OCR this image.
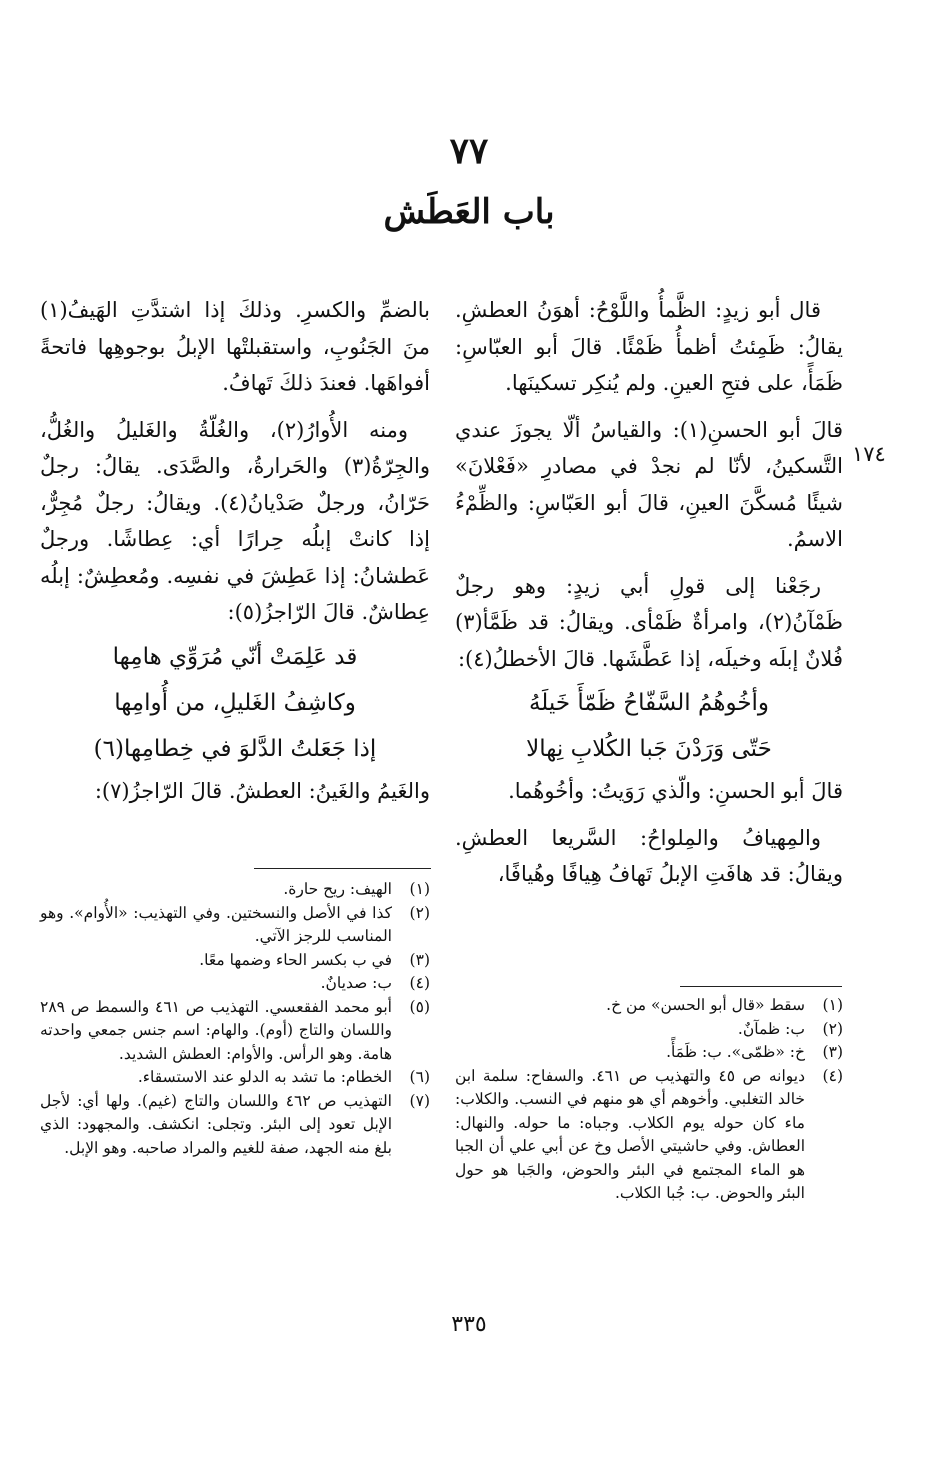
٧٧
باب العَطَش
١٧٤

قال أبو زيدٍ: الظَّمأُ واللَّوْحُ: أهوَنُ العطشِ. يقالُ: ظَمِئتُ أظمأُ ظَمْئًا. قالَ أبو العبّاسِ: ظَمَأً، على فتحِ العينِ. ولم يُنكِر تسكينَها.

قالَ أبو الحسنِ(١): والقياسُ ألّا يجوزَ عندي التَّسكينُ، لأنّا لم نجدْ في مصادرِ «فَعْلانَ» شيئًا مُسكَّنَ العينِ، قالَ أبو العَبّاسِ: والظِّمْءُ الاسمُ.

رجَعْنا إلى قولِ أبي زيدٍ: وهو رجلٌ ظَمْآنُ(٢)، وامرأةٌ ظَمْأى. ويقالُ: قد ظَمَّأ(٣) فُلانٌ إبلَه وخيلَه، إذا عَطَّشَها. قالَ الأخطلُ(٤):

وأخُوهُمُ السَّفّاحُ ظَمّأَ خَيلَهُ
حَتّى وَرَدْنَ جَبا الكُلابِ نِهالا

قالَ أبو الحسنِ: والّذي رَوَيتُ: وأخُوهُما.

والمِهيافُ والمِلواحُ: السَّريعا العطشِ. ويقالُ: قد هافَتِ الإبلُ تَهافُ هِيافًا وهُيافًا،

بالضمِّ والكسرِ. وذلكَ إذا اشتدَّتِ الهَيفُ(١) منَ الجَنُوبِ، واستقبلتْها الإبلُ بوجوهِها فاتحةً أفواهَها. فعندَ ذلكَ تَهافُ.

ومنه الأُوارُ(٢)، والغُلّةُ والغَليلُ والغُلُّ، والجِرّةُ(٣) والحَرارةُ، والصَّدَى. يقالُ: رجلٌ حَرّانُ، ورجلٌ صَدْيانُ(٤). ويقالُ: رجلٌ مُجِرٌّ، إذا كانتْ إبلُه حِرارًا أي: عِطاشًا. ورجلٌ عَطشانُ: إذا عَطِشَ في نفسِه. ومُعطِشٌ: إبلُه عِطاشٌ. قالَ الرّاجزُ(٥):

قد عَلِمَتْ أنّي مُرَوِّي هامِها
وكاشِفُ الغَليلِ، من أُوامِها
إذا جَعَلتُ الدَّلوَ في خِطامِها(٦)

والغَيمُ والغَينُ: العطشُ. قالَ الرّاجزُ(٧):

(١)
سقط «قال أبو الحسن» من خ.
(٢)
ب: ظمآنٌ.
(٣)
خ: «ظمّى». ب: ظَمَأً.
(٤)
ديوانه ص ٤٥ والتهذيب ص ٤٦١. والسفاح: سلمة ابن خالد التغلبي. وأخوهم أي هو منهم في النسب. والكلاب: ماء كان حوله يوم الكلاب. وجباه: ما حوله. والنهال: العطاش. وفي حاشيتي الأصل وخ عن أبي علي أن الجبا هو الماء المجتمع في البئر والحوض، والجَبا هو حول البئر والحوض. ب: جُبا الكلاب.
(١)
الهيف: ريح حارة.
(٢)
كذا في الأصل والنسختين. وفي التهذيب: «الأُوام». وهو المناسب للرجز الآتي.
(٣)
في ب بكسر الحاء وضمها معًا.
(٤)
ب: صديانٌ.
(٥)
أبو محمد الفقعسي. التهذيب ص ٤٦١ والسمط ص ٢٨٩ واللسان والتاج (أوم). والهام: اسم جنس جمعي واحدته هامة. وهو الرأس. والأوام: العطش الشديد.
(٦)
الخطام: ما تشد به الدلو عند الاستسقاء.
(٧)
التهذيب ص ٤٦٢ واللسان والتاج (غيم). ولها أي: لأجل الإبل تعود إلى البئر. وتجلى: انكشف. والمجهود: الذي بلغ منه الجهد، صفة للغيم والمراد صاحبه. وهو الإبل.
٣٣٥
